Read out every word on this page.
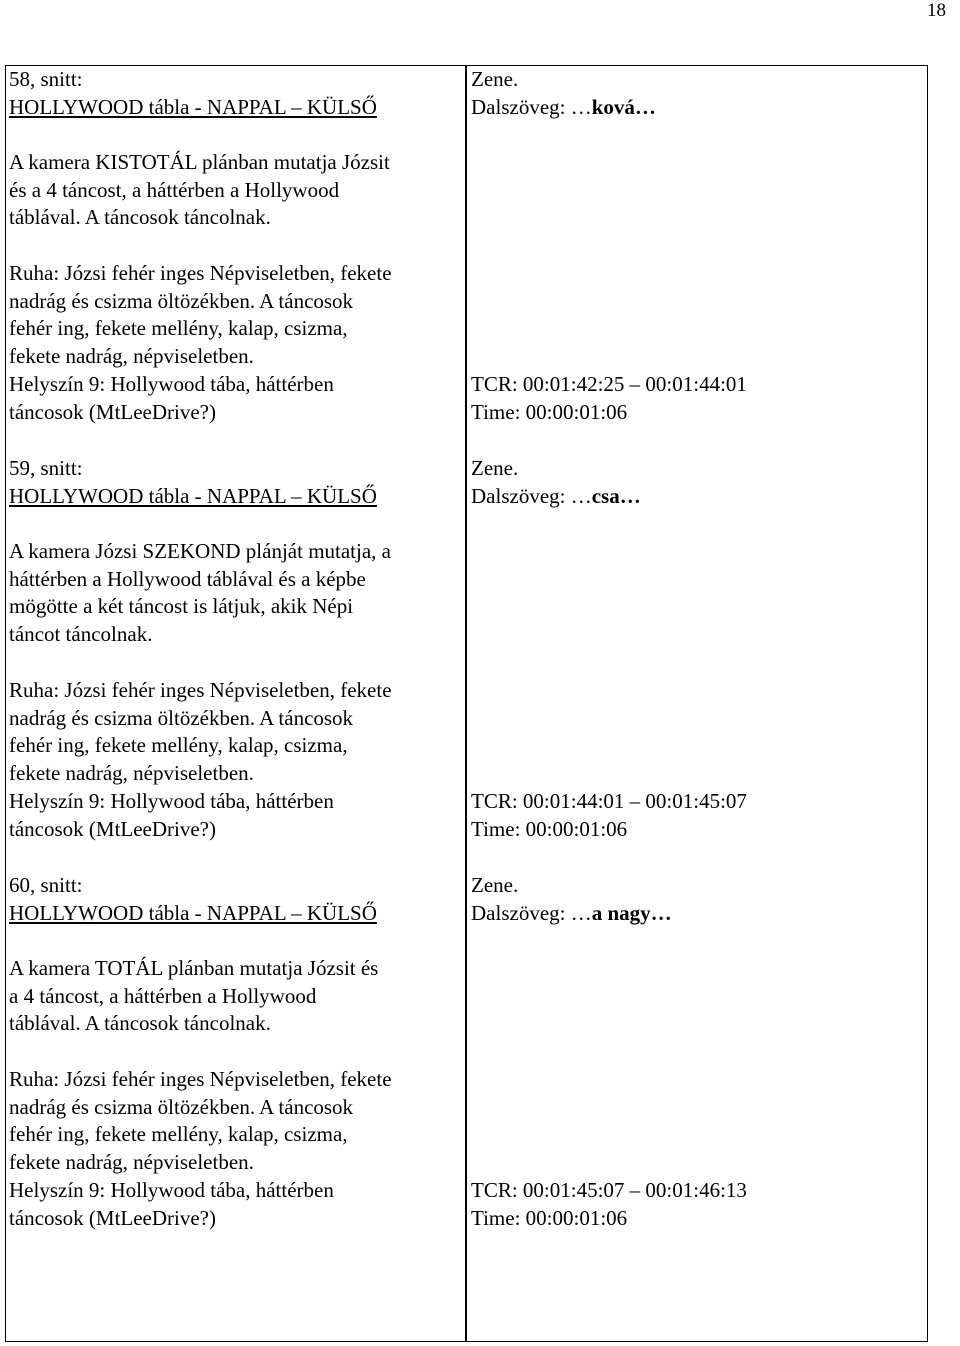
18

58, snitt:

HOLLYWOOD tábla - NAPPAL – KÜLSŐ

A kamera KISTOTÁL plánban mutatja Józsit

és a 4 táncost, a háttérben a Hollywood

táblával. A táncosok táncolnak.

Ruha: Józsi fehér inges Népviseletben, fekete

nadrág és csizma öltözékben. A táncosok

fehér ing, fekete mellény, kalap, csizma,

fekete nadrág, népviseletben.

Helyszín 9: Hollywood tába, háttérben

táncosok (MtLeeDrive?)

Zene.

Dalszöveg: …ková…

TCR: 00:01:42:25 – 00:01:44:01

Time: 00:00:01:06

59, snitt:

HOLLYWOOD tábla - NAPPAL – KÜLSŐ

A kamera Józsi SZEKOND plánját mutatja, a

háttérben a Hollywood táblával és a képbe

mögötte a két táncost is látjuk, akik Népi

táncot táncolnak.

Ruha: Józsi fehér inges Népviseletben, fekete

nadrág és csizma öltözékben. A táncosok

fehér ing, fekete mellény, kalap, csizma,

fekete nadrág, népviseletben.

Helyszín 9: Hollywood tába, háttérben

táncosok (MtLeeDrive?)

Zene.

Dalszöveg: …csa…

TCR: 00:01:44:01 – 00:01:45:07

Time: 00:00:01:06

60, snitt:

HOLLYWOOD tábla - NAPPAL – KÜLSŐ

A kamera TOTÁL plánban mutatja Józsit és

a 4 táncost, a háttérben a Hollywood

táblával. A táncosok táncolnak.

Ruha: Józsi fehér inges Népviseletben, fekete

nadrág és csizma öltözékben. A táncosok

fehér ing, fekete mellény, kalap, csizma,

fekete nadrág, népviseletben.

Helyszín 9: Hollywood tába, háttérben

táncosok (MtLeeDrive?)

Zene.

Dalszöveg: …a nagy…

TCR: 00:01:45:07 – 00:01:46:13

Time: 00:00:01:06
